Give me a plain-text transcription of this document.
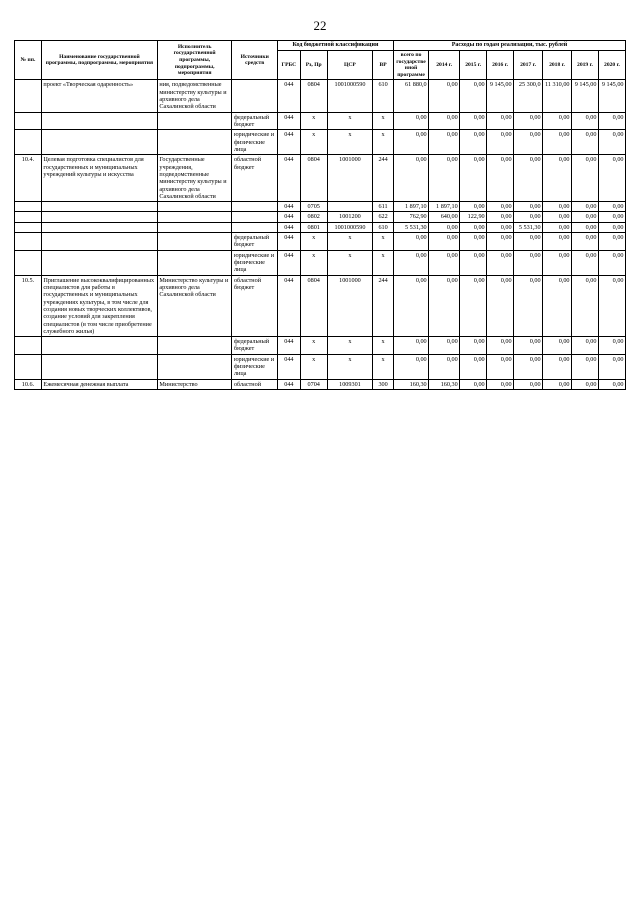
22
№ пп.	Наименование государственной программы, подпрограммы, мероприятия	Исполнитель государственной программы, подпрограммы, мероприятия	Источники средств	Код бюджетной классификации				Расходы по годам реализации, тыс. рублей							
				ГРБС	Рз, Пр	ЦСР	ВР	всего по государственной программе	2014 г.	2015 г.	2016 г.	2017 г.	2018 г.	2019 г.	2020 г.
	проект «Творческая одаренность»	ния, подведомственные министерству культуры и архивного дела Сахалинской области		044	0804	1001000590	610	61 880,0	0,00	0,00	9 145,00	25 300,0	11 310,00	9 145,00	9 145,00
			федеральный бюджет	044	х	х	х	0,00	0,00	0,00	0,00	0,00	0,00	0,00	0,00
			юридические и физические лица	044	х	х	х	0,00	0,00	0,00	0,00	0,00	0,00	0,00	0,00
10.4.	Целевая подготовка специалистов для государственных и муниципальных учреждений культуры и искусства	Государственные учреждения, подведомственные министерству культуры и архивного дела Сахалинской области	областной бюджет	044	0804	1001000	244	0,00	0,00	0,00	0,00	0,00	0,00	0,00	0,00
				044	0705		611	1 897,10	1 897,10	0,00	0,00	0,00	0,00	0,00	0,00
				044	0802	1001200	622	762,90	640,00	122,90	0,00	0,00	0,00	0,00	0,00
				044	0801	1001000590	610	5 531,30	0,00	0,00	0,00	5 531,30	0,00	0,00	0,00
			федеральный бюджет	044	х	х	х	0,00	0,00	0,00	0,00	0,00	0,00	0,00	0,00
			юридические и физические лица	044	х	х	х	0,00	0,00	0,00	0,00	0,00	0,00	0,00	0,00
10.5.	Приглашение высококвалифицированных специалистов для работы в государственных и муниципальных учреждениях культуры, в том числе для создания новых творческих коллективов, создание условий для закрепления специалистов (в том числе приобретение служебного жилья)	Министерство культуры и архивного дела Сахалинской области	областной бюджет	044	0804	1001000	244	0,00	0,00	0,00	0,00	0,00	0,00	0,00	0,00
			федеральный бюджет	044	х	х	х	0,00	0,00	0,00	0,00	0,00	0,00	0,00	0,00
			юридические и физические лица	044	х	х	х	0,00	0,00	0,00	0,00	0,00	0,00	0,00	0,00
10.6.	Ежемесячная денежная выплата	Министерство	областной	044	0704	1009301	300	160,30	160,30	0,00	0,00	0,00	0,00	0,00	0,00
